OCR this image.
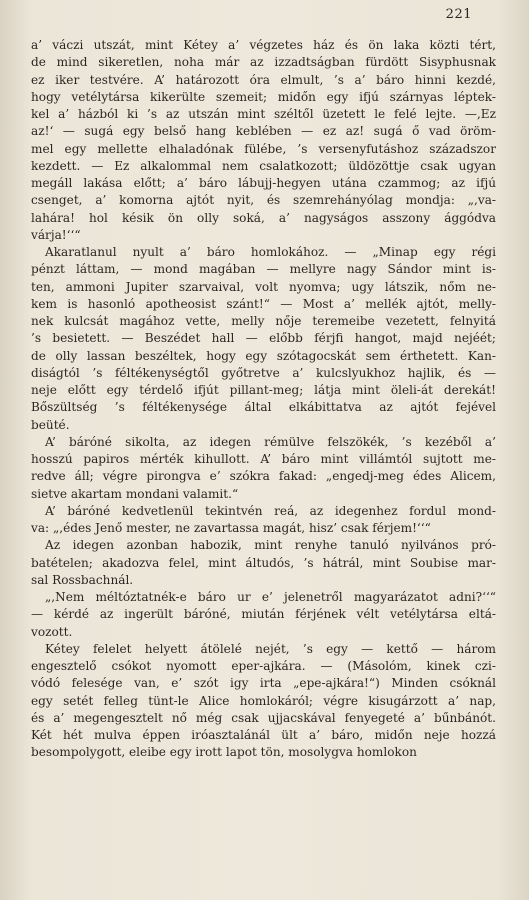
221
a’ váczi utszát, mint Kétey a’ végzetes ház és ön laka közti tért,
de mind sikeretlen, noha már az izzadtságban fürdött Sisyphusnak
ez iker testvére. A’ határozott óra elmult, ’s a’ báro hinni kezdé,
hogy vetélytársa kikerülte szemeit; midőn egy ifjú szárnyas léptek-
kel a’ házból ki ’s az utszán mint széltől üzetett le felé lejte. —,Ez
az!‘ — sugá egy belső hang keblében — ez az! sugá ő vad öröm-
mel egy mellette elhaladónak fülébe, ’s versenyfutáshoz századszor
kezdett. — Ez alkalommal nem csalatkozott; üldözöttje csak ugyan
megáll lakása előtt; a’ báro lábujj-hegyen utána czammog; az ifjú
csenget, a’ komorna ajtót nyit, és szemrehányólag mondja: „,va-
lahára! hol késik ön olly soká, a’ nagyságos asszony ággódva
várja!‘‘“
Akaratlanul nyult a’ báro homlokához. — „Minap egy régi
pénzt láttam, — mond magában — mellyre nagy Sándor mint is-
ten, ammoni Jupiter szarvaival, volt nyomva; ugy látszik, nőm ne-
kem is hasonló apotheosist szánt!“ — Most a’ mellék ajtót, melly-
nek kulcsát magához vette, melly nője teremeibe vezetett, felnyitá
’s besietett. — Beszédet hall — előbb férjfi hangot, majd nejéét;
de olly lassan beszéltek, hogy egy szótagocskát sem érthetett. Kan-
diságtól ’s féltékenységtől győtretve a’ kulcslyukhoz hajlik, és —
neje előtt egy térdelő ifjút pillant-meg; látja mint öleli-át derekát!
Bőszültség ’s féltékenysége által elkábittatva az ajtót fejével
beüté.
A’ báróné sikolta, az idegen rémülve felszökék, ’s kezéből a’
hosszú papiros mérték kihullott. A’ báro mint villámtól sujtott me-
redve áll; végre pirongva e’ szókra fakad: „engedj-meg édes Alicem,
sietve akartam mondani valamit.“
A’ báróné kedvetlenül tekintvén reá, az idegenhez fordul mond-
va: „,édes Jenő mester, ne zavartassa magát, hisz’ csak férjem!‘‘“
Az idegen azonban habozik, mint renyhe tanuló nyilvános pró-
batételen; akadozva felel, mint áltudós, ’s hátrál, mint Soubise mar-
sal Rossbachnál.
„,Nem méltóztatnék-e báro ur e’ jelenetről magyarázatot adni?‘‘“
— kérdé az ingerült báróné, miután férjének vélt vetélytársa eltá-
vozott.
Kétey felelet helyett átölelé nejét, ’s egy — kettő — három
engesztelő csókot nyomott eper-ajkára. — (Másolóm, kinek czi-
vódó felesége van, e’ szót igy irta „epe-ajkára!“) Minden csóknál
egy setét felleg tünt-le Alice homlokáról; végre kisugárzott a’ nap,
és a’ megengesztelt nő még csak ujjacskával fenyegeté a’ bűnbánót.
Két hét mulva éppen iróasztalánál ült a’ báro, midőn neje hozzá
besompolygott, eleibe egy irott lapot tön, mosolygva homlokon
